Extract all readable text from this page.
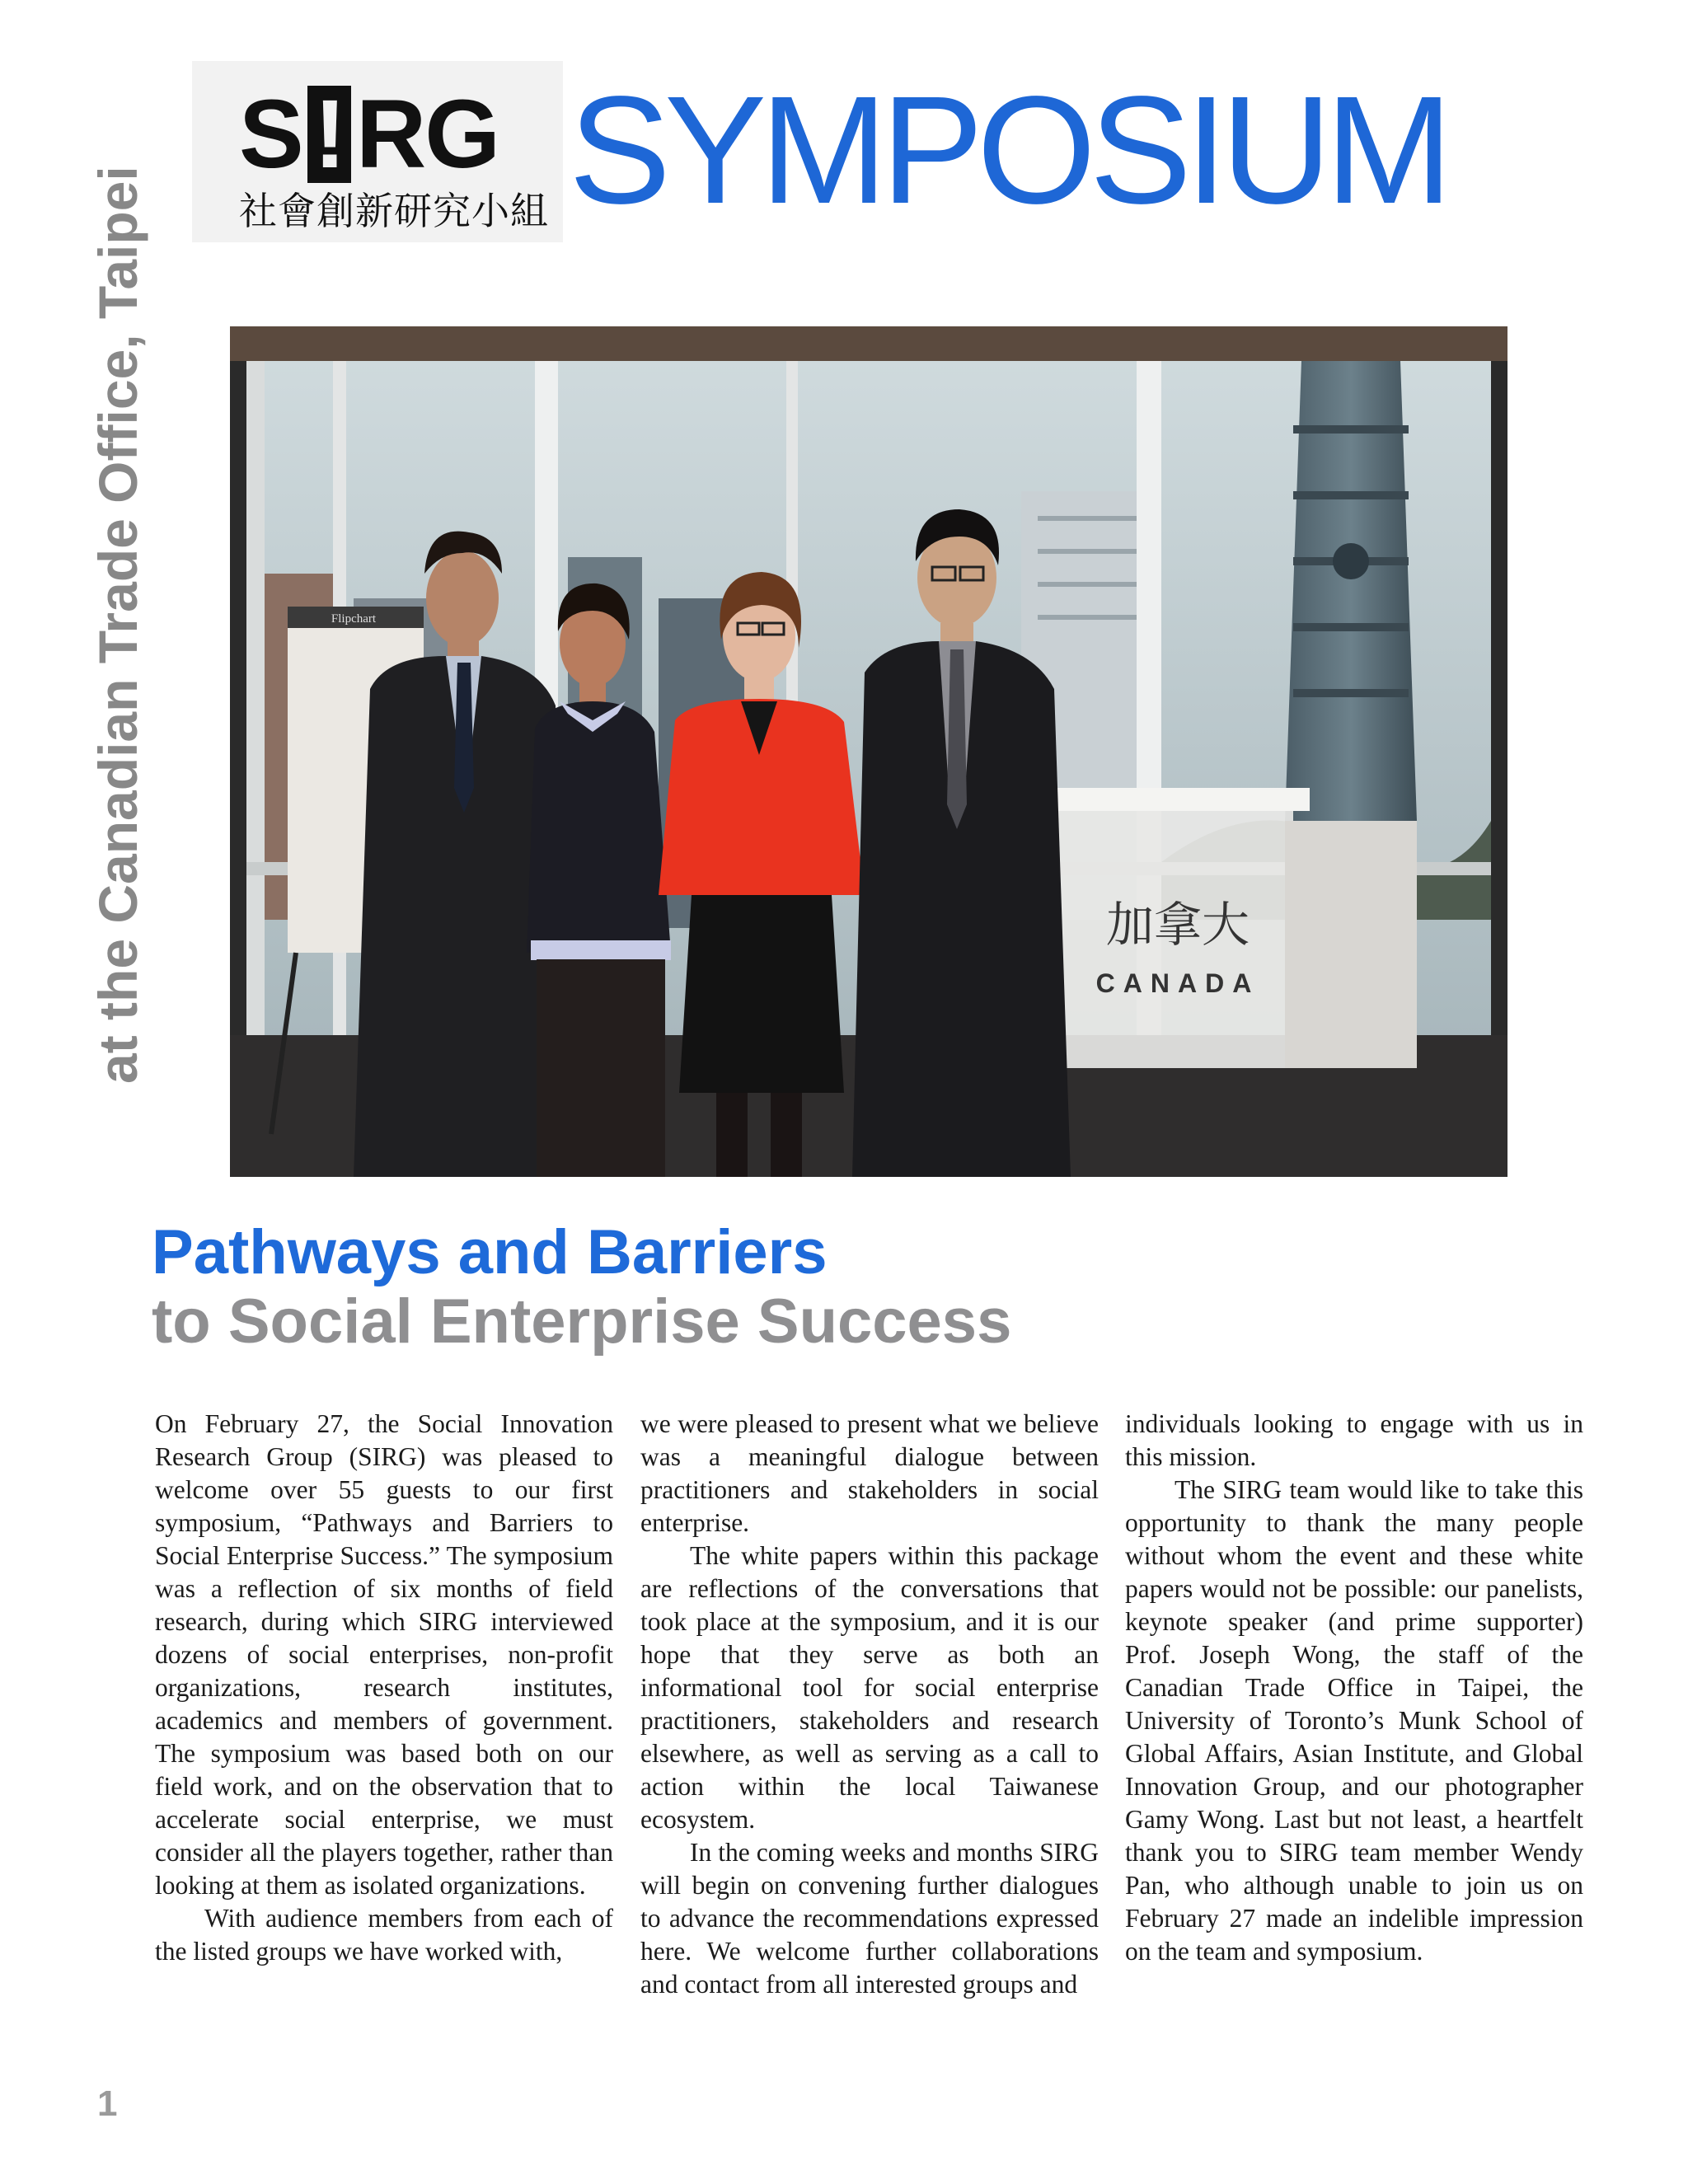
S ! RG
社會創新研究小組 SYMPOSIUM
at the Canadian Trade Office, Taipei	Flipchart
加拿大
CANADA
Pathways and Barriers
to Social Enterprise Success

On February 27, the Social Innovation Research Group (SIRG) was pleased to welcome over 55 guests to our first symposium, “Pathways and Barriers to Social Enterprise Success.” The symposium was a reflection of six months of field research, during which SIRG interviewed dozens of social enterprises, non-profit organizations, research institutes, academics and members of government. The symposium was based both on our field work, and on the observation that to accelerate social enterprise, we must consider all the players together, rather than looking at them as isolated organizations.

With audience members from each of the listed groups we have worked with,

we were pleased to present what we believe was a meaningful dialogue between practitioners and stakeholders in social enterprise.

The white papers within this package are reflections of the conversations that took place at the symposium, and it is our hope that they serve as both an informational tool for social enterprise practitioners, stakeholders and research elsewhere, as well as serving as a call to action within the local Taiwanese ecosystem.

In the coming weeks and months SIRG will begin on convening further dialogues to advance the recommendations expressed here. We welcome further collaborations and contact from all interested groups and

individuals looking to engage with us in this mission.

The SIRG team would like to take this opportunity to thank the many people without whom the event and these white papers would not be possible: our panelists, keynote speaker (and prime supporter) Prof. Joseph Wong, the staff of the Canadian Trade Office in Taipei, the University of Toronto’s Munk School of Global Affairs, Asian Institute, and Global Innovation Group, and our photographer Gamy Wong. Last but not least, a heartfelt thank you to SIRG team member Wendy Pan, who although unable to join us on February 27 made an indelible impression on the team and symposium.

1
